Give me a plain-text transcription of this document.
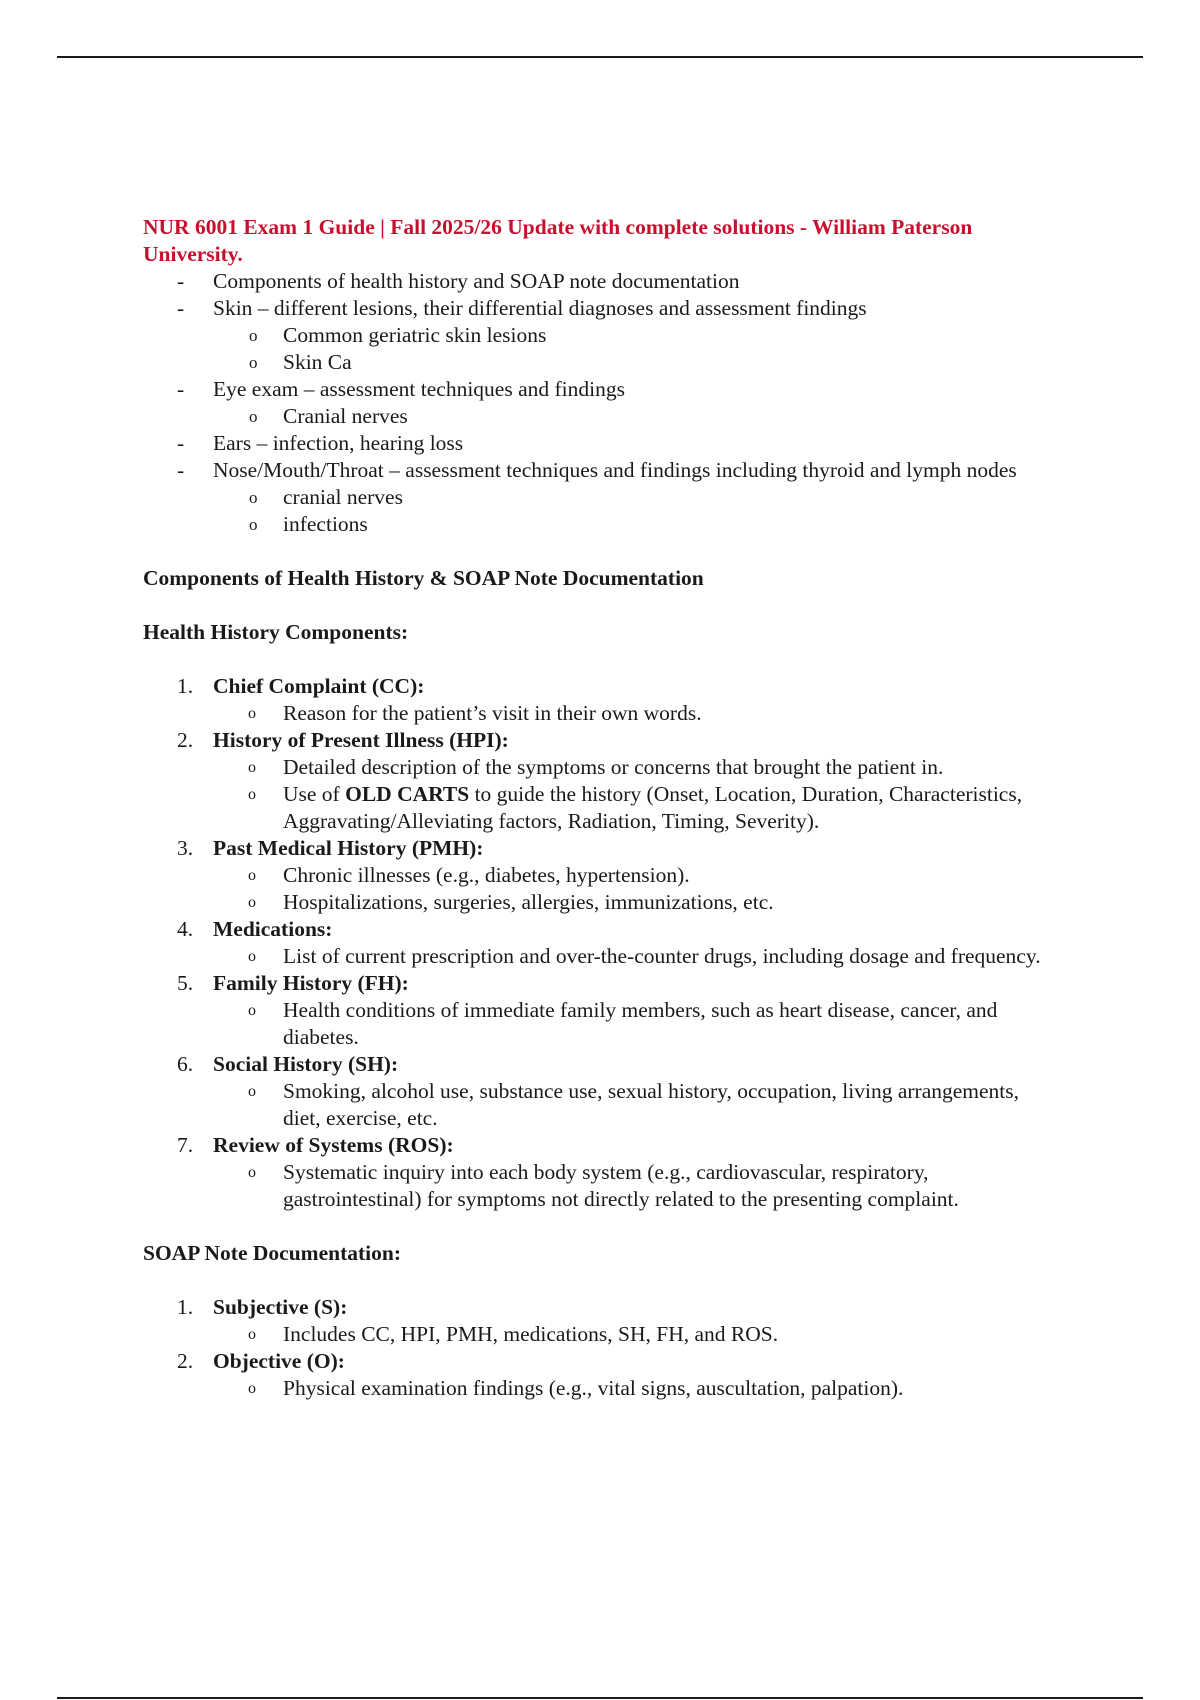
NUR 6001 Exam 1 Guide | Fall 2025/26 Update with complete solutions - William Paterson University.

- Components of health history and SOAP note documentation
- Skin – different lesions, their differential diagnoses and assessment findings
o Common geriatric skin lesions
o Skin Ca
- Eye exam – assessment techniques and findings
o Cranial nerves
- Ears – infection, hearing loss
- Nose/Mouth/Throat – assessment techniques and findings including thyroid and lymph nodes
o cranial nerves
o infections

Components of Health History & SOAP Note Documentation

Health History Components:

1. Chief Complaint (CC):
o Reason for the patient’s visit in their own words.
2. History of Present Illness (HPI):
o Detailed description of the symptoms or concerns that brought the patient in.
o Use of OLD CARTS to guide the history (Onset, Location, Duration, Characteristics, Aggravating/Alleviating factors, Radiation, Timing, Severity).
3. Past Medical History (PMH):
o Chronic illnesses (e.g., diabetes, hypertension).
o Hospitalizations, surgeries, allergies, immunizations, etc.
4. Medications:
o List of current prescription and over-the-counter drugs, including dosage and frequency.
5. Family History (FH):
o Health conditions of immediate family members, such as heart disease, cancer, and diabetes.
6. Social History (SH):
o Smoking, alcohol use, substance use, sexual history, occupation, living arrangements, diet, exercise, etc.
7. Review of Systems (ROS):
o Systematic inquiry into each body system (e.g., cardiovascular, respiratory, gastrointestinal) for symptoms not directly related to the presenting complaint.

SOAP Note Documentation:

1. Subjective (S):
o Includes CC, HPI, PMH, medications, SH, FH, and ROS.
2. Objective (O):
o Physical examination findings (e.g., vital signs, auscultation, palpation).
